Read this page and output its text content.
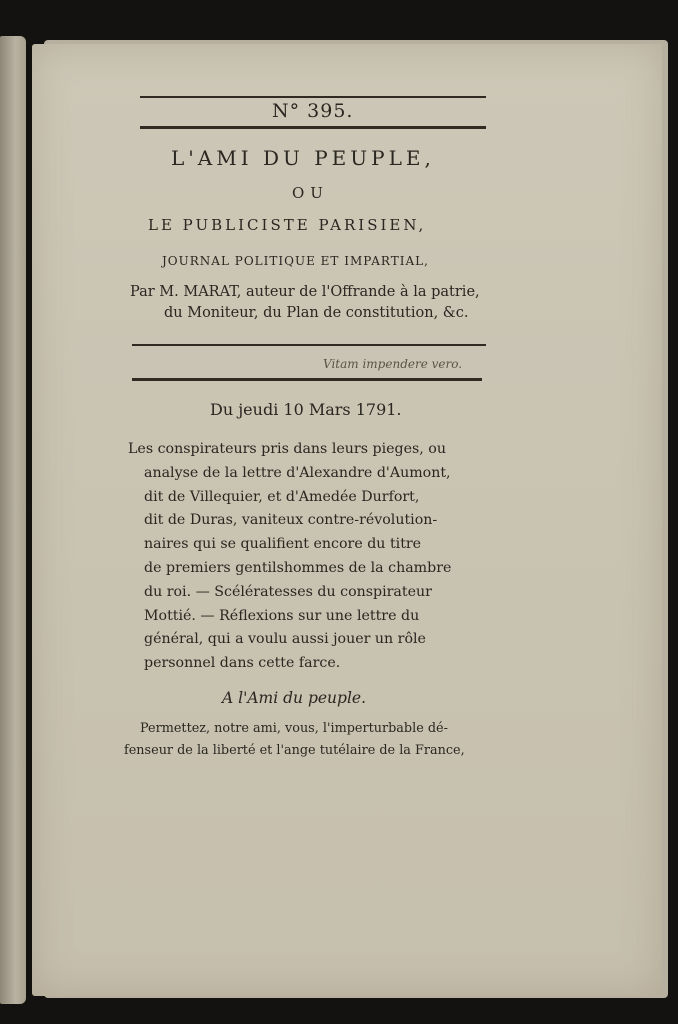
N° 395.
L'AMI DU PEUPLE,
OU
LE PUBLICISTE PARISIEN,
JOURNAL POLITIQUE ET IMPARTIAL,
Par M. MARAT, auteur de l'Offrande à la patrie,
du Moniteur, du Plan de constitution, &c.
Vitam impendere vero.
Du jeudi 10 Mars 1791.
Les conspirateurs pris dans leurs pieges, ou
analyse de la lettre d'Alexandre d'Aumont,
dit de Villequier, et d'Amedée Durfort,
dit de Duras, vaniteux contre-révolution-
naires qui se qualifient encore du titre
de premiers gentilshommes de la chambre
du roi. — Scélératesses du conspirateur
Mottié. — Réflexions sur une lettre du
général, qui a voulu aussi jouer un rôle
personnel dans cette farce.
A l'Ami du peuple.
Permettez, notre ami, vous, l'imperturbable dé-
fenseur de la liberté et l'ange tutélaire de la France,
